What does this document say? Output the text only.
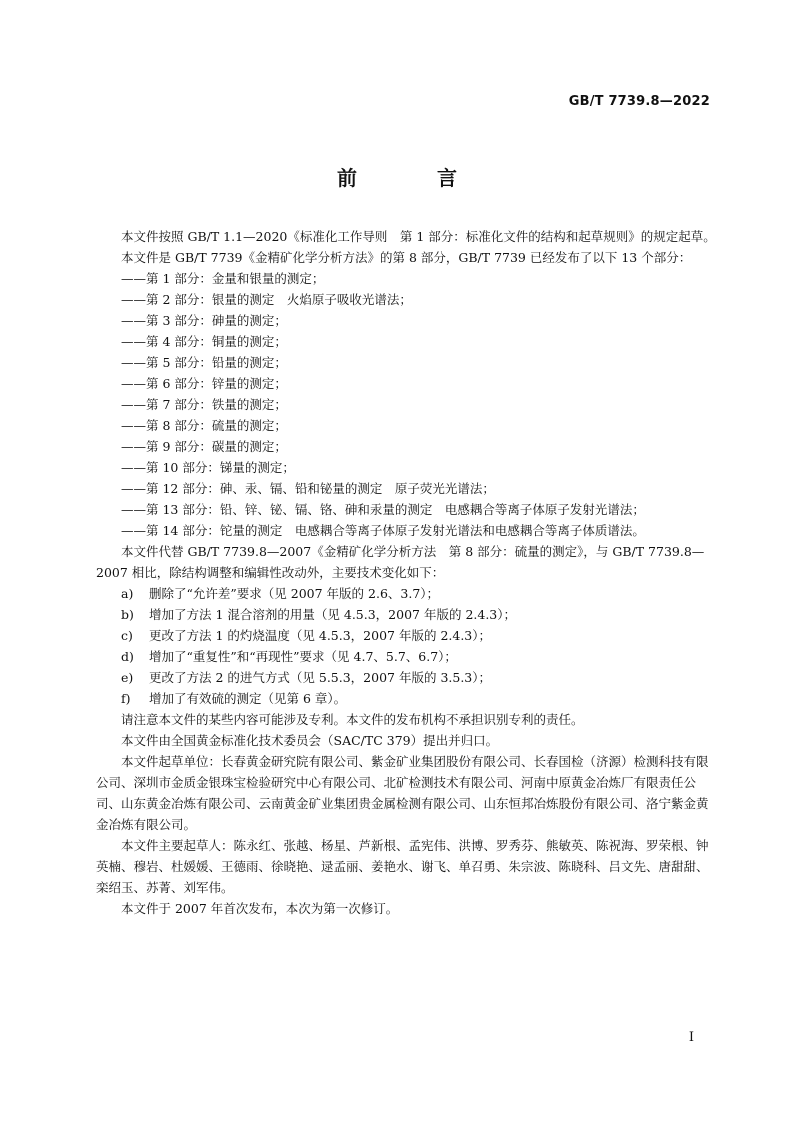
GB/T 7739.8—2022
前　言

本文件按照 GB/T 1.1—2020《标准化工作导则　第 1 部分：标准化文件的结构和起草规则》的规定起草。

本文件是 GB/T 7739《金精矿化学分析方法》的第 8 部分，GB/T 7739 已经发布了以下 13 个部分：

——第 1 部分：金量和银量的测定；

——第 2 部分：银量的测定　火焰原子吸收光谱法；

——第 3 部分：砷量的测定；

——第 4 部分：铜量的测定；

——第 5 部分：铅量的测定；

——第 6 部分：锌量的测定；

——第 7 部分：铁量的测定；

——第 8 部分：硫量的测定；

——第 9 部分：碳量的测定；

——第 10 部分：锑量的测定；

——第 12 部分：砷、汞、镉、铅和铋量的测定　原子荧光光谱法；

——第 13 部分：铅、锌、铋、镉、铬、砷和汞量的测定　电感耦合等离子体原子发射光谱法；

——第 14 部分：铊量的测定　电感耦合等离子体原子发射光谱法和电感耦合等离子体质谱法。

本文件代替 GB/T 7739.8—2007《金精矿化学分析方法　第 8 部分：硫量的测定》，与 GB/T 7739.8—2007 相比，除结构调整和编辑性改动外，主要技术变化如下：

a)	删除了“允许差”要求（见 2007 年版的 2.6、3.7）；
b)	增加了方法 1 混合溶剂的用量（见 4.5.3，2007 年版的 2.4.3）；
c)	更改了方法 1 的灼烧温度（见 4.5.3，2007 年版的 2.4.3）；
d)	增加了“重复性”和“再现性”要求（见 4.7、5.7、6.7）；
e)	更改了方法 2 的进气方式（见 5.5.3，2007 年版的 3.5.3）；
f)	增加了有效硫的测定（见第 6 章）。

请注意本文件的某些内容可能涉及专利。本文件的发布机构不承担识别专利的责任。

本文件由全国黄金标准化技术委员会（SAC/TC 379）提出并归口。

本文件起草单位：长春黄金研究院有限公司、紫金矿业集团股份有限公司、长春国检（济源）检测科技有限公司、深圳市金质金银珠宝检验研究中心有限公司、北矿检测技术有限公司、河南中原黄金冶炼厂有限责任公司、山东黄金冶炼有限公司、云南黄金矿业集团贵金属检测有限公司、山东恒邦冶炼股份有限公司、洛宁紫金黄金冶炼有限公司。

本文件主要起草人：陈永红、张越、杨星、芦新根、孟宪伟、洪博、罗秀芬、熊敏英、陈祝海、罗荣根、钟英楠、穆岩、杜媛媛、王德雨、徐晓艳、逯孟丽、姜艳水、谢飞、单召勇、朱宗波、陈晓科、吕文先、唐甜甜、栾绍玉、苏菁、刘军伟。

本文件于 2007 年首次发布，本次为第一次修订。

I
